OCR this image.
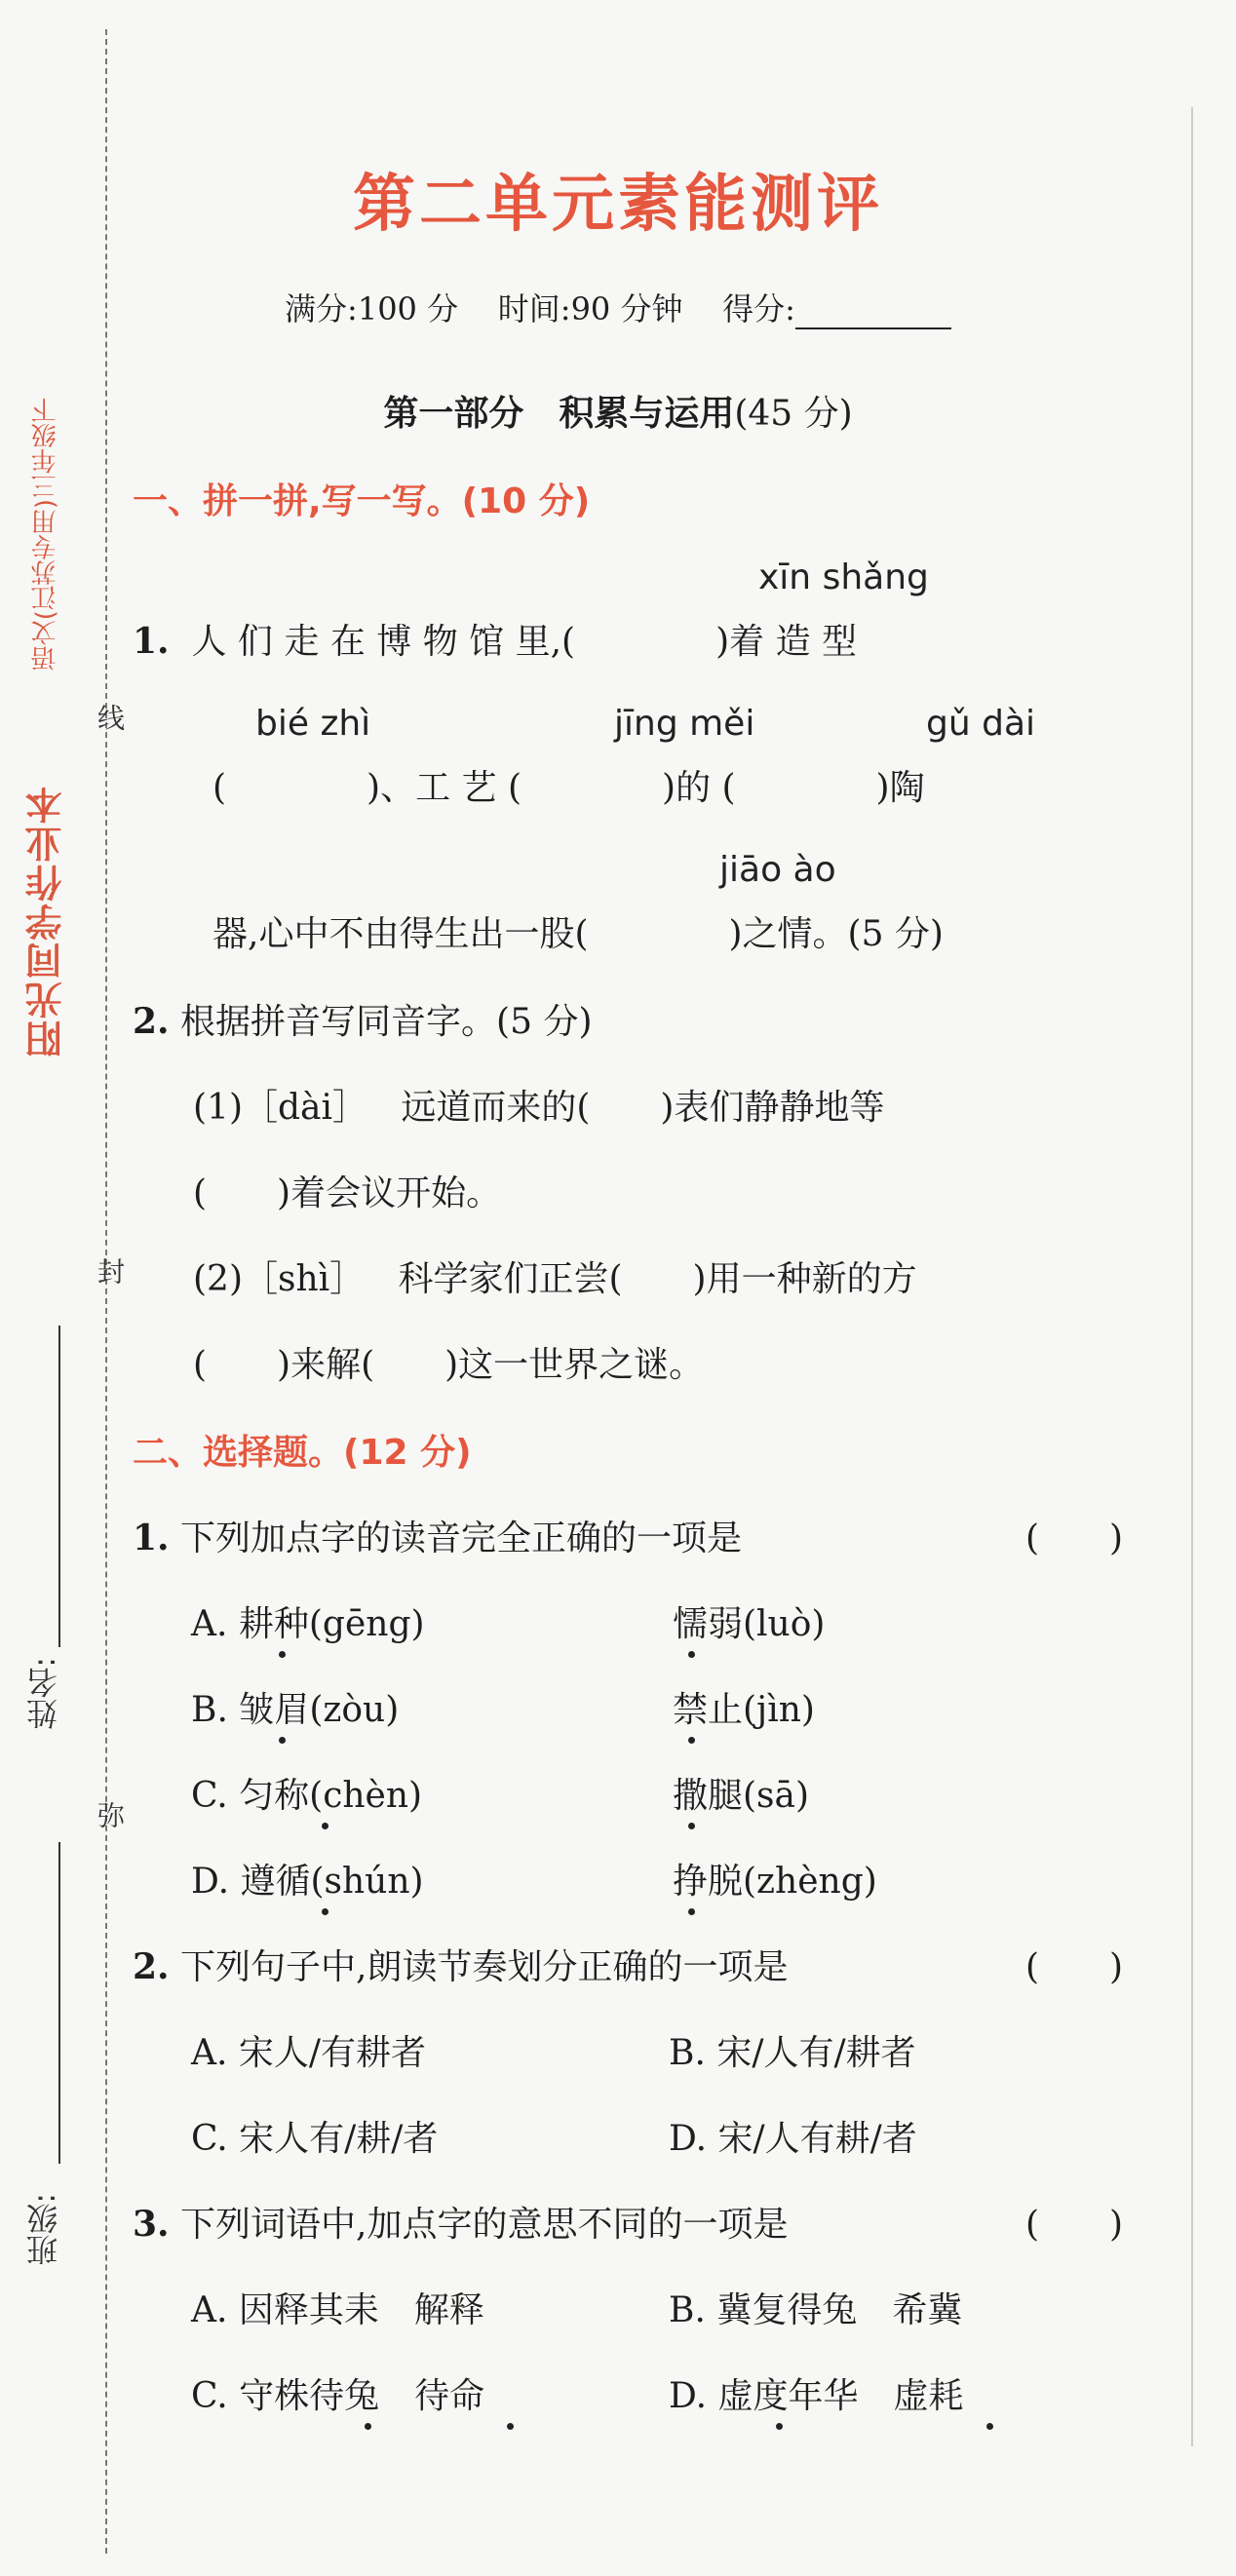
阳光同学作业本
语文(江苏专用)三年级下
线
封
弥
姓名:
班级:
第二单元素能测评
满分:100 分 时间:90 分钟 得分:
第一部分　积累与运用(45 分)
一、拼一拼,写一写。(10 分)
xīn shǎng
1. 人 们 走 在 博 物 馆 里,(　　　　)着 造 型
bié zhì	jīng měi	gǔ dài
(　　　　)、工 艺 (　　　　)的 (　　　　)陶
jiāo ào
器,心中不由得生出一股(　　　　)之情。(5 分)
2. 根据拼音写同音字。(5 分)
(1)［dài］ 远道而来的(　　)表们静静地等
(　　)着会议开始。
(2)［shì］ 科学家们正尝(　　)用一种新的方
(　　)来解(　　)这一世界之谜。
二、选择题。(12 分)
1. 下列加点字的读音完全正确的一项是	(　　)
A. 耕种(gēng)	懦弱(luò)
B. 皱眉(zòu)	禁止(jìn)
C. 匀称(chèn)	撒腿(sā)
D. 遵循(shún)	挣脱(zhèng)
2. 下列句子中,朗读节奏划分正确的一项是	(　　)
A. 宋人/有耕者	B. 宋/人有/耕者
C. 宋人有/耕/者	D. 宋/人有耕/者
3. 下列词语中,加点字的意思不同的一项是	(　　)
A. 因释其耒　解释	B. 冀复得兔　希冀
C. 守株待兔　待命	D. 虚度年华　虚耗
